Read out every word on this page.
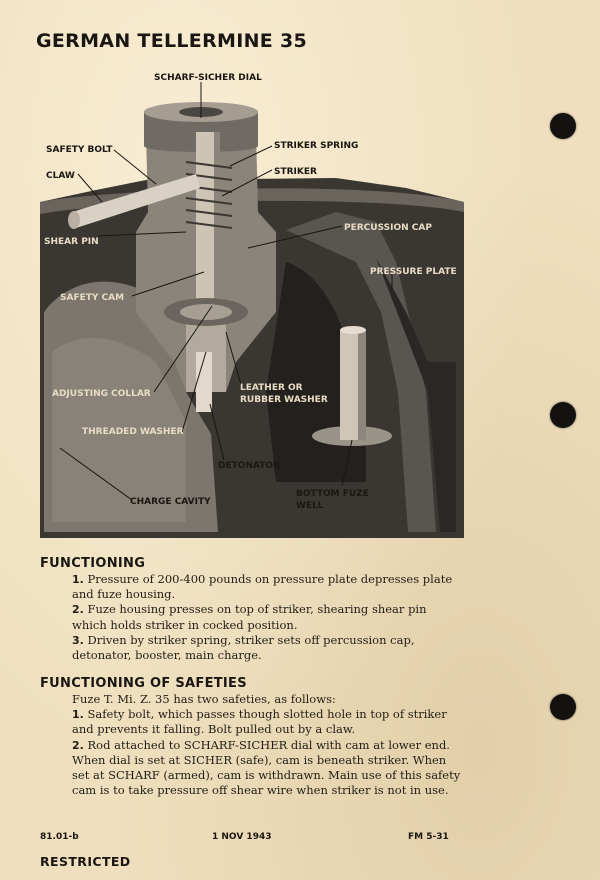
GERMAN TELLERMINE 35
SCHARF-SICHER DIAL
SAFETY BOLT
CLAW
STRIKER SPRING
STRIKER
SHEAR PIN
PERCUSSION CAP
PRESSURE PLATE
SAFETY CAM
ADJUSTING COLLAR
LEATHER OR
RUBBER WASHER
THREADED WASHER
DETONATOR
BOTTOM FUZE
WELL
CHARGE CAVITY
FUNCTIONING

1. Pressure of 200-400 pounds on pressure plate depresses plate and fuze housing.

2. Fuze housing presses on top of striker, shearing shear pin which holds striker in cocked position.

3. Driven by striker spring, striker sets off percussion cap, detonator, booster, main charge.

FUNCTIONING OF SAFETIES

Fuze T. Mi. Z. 35 has two safeties, as follows:

1. Safety bolt, which passes though slotted hole in top of striker and prevents it falling. Bolt pulled out by a claw.

2. Rod attached to SCHARF-SICHER dial with cam at lower end. When dial is set at SICHER (safe), cam is beneath striker. When set at SCHARF (armed), cam is withdrawn. Main use of this safety cam is to take pressure off shear wire when striker is not in use.

81.01-b	1 NOV 1943	FM 5-31
RESTRICTED
